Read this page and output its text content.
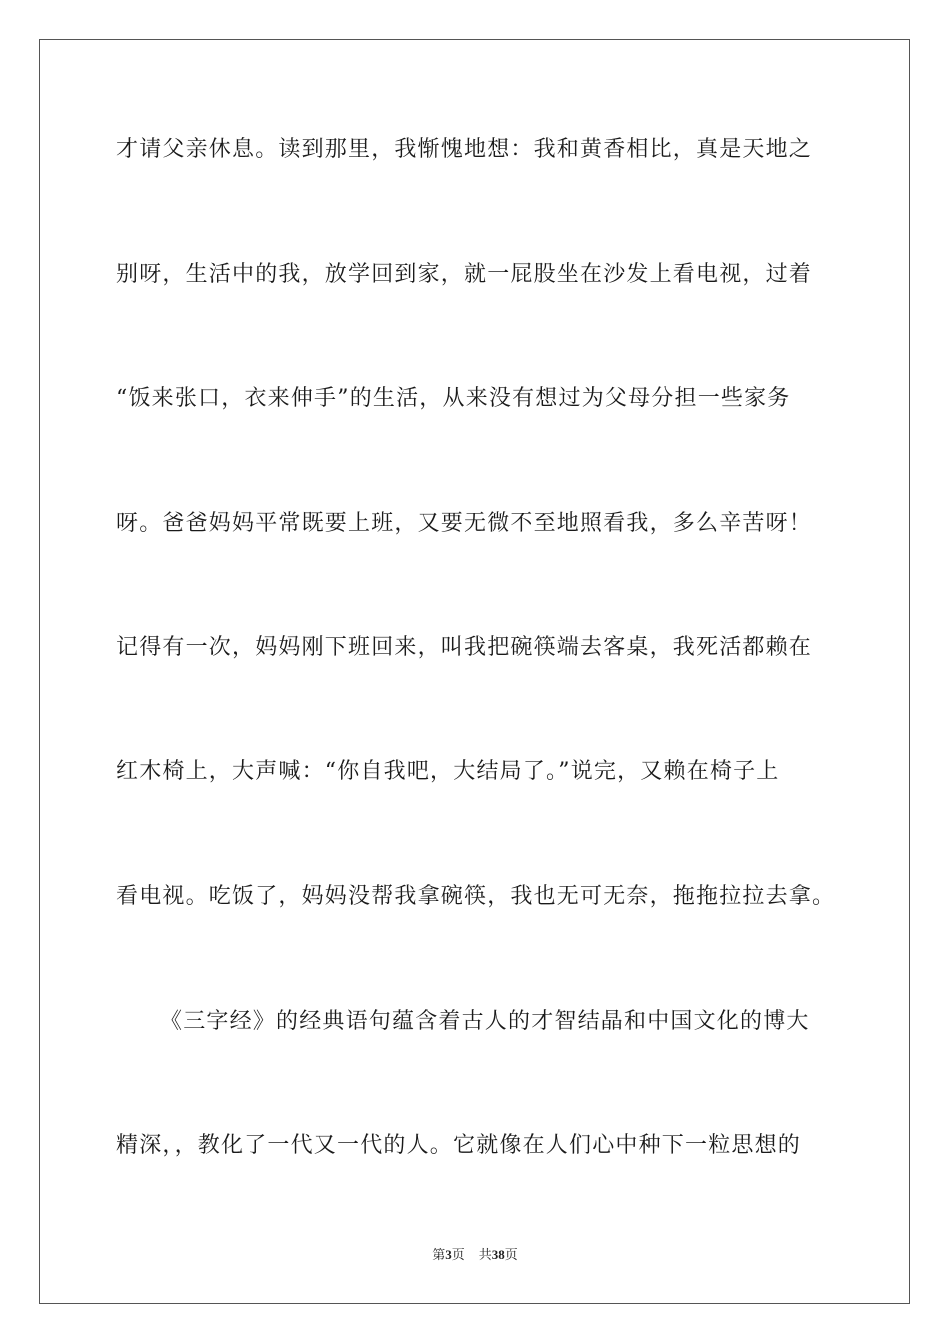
才请父亲休息。读到那里，我惭愧地想：我和黄香相比，真是天地之
别呀，生活中的我，放学回到家，就一屁股坐在沙发上看电视，过着
“饭来张口，衣来伸手”的生活，从来没有想过为父母分担一些家务
呀。爸爸妈妈平常既要上班，又要无微不至地照看我，多么辛苦呀！
记得有一次，妈妈刚下班回来，叫我把碗筷端去客桌，我死活都赖在
红木椅上，大声喊：“你自我吧，大结局了。”说完，又赖在椅子上
看电视。吃饭了，妈妈没帮我拿碗筷，我也无可无奈，拖拖拉拉去拿。
《三字经》的经典语句蕴含着古人的才智结晶和中国文化的博大
精深，，教化了一代又一代的人。它就像在人们心中种下一粒思想的
第3页 共38页
